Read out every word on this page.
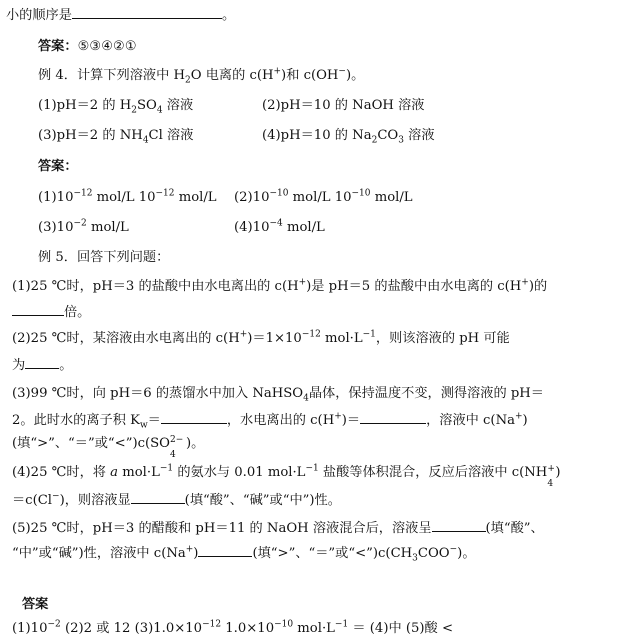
小的顺序是	。
答案：⑤③④②①
例 4．计算下列溶液中 $H_2O$ 电离的 c(H+)和 c(OH−)。
(1)pH＝2 的 $H_2SO_4$ 溶液	(2)pH＝10 的 NaOH 溶液
(3)pH＝2 的 $NH_4Cl$ 溶液	(4)pH＝10 的 $Na_2CO_3$ 溶液
答案：
$(1)10^{-12}$ mol/L $10^{-12}$ mol/L $(2)10^{-10}$ mol/L $10^{-10}$ mol/L
$(3)10^{-2}$ mol/L	$(4)10^{-4}$ mol/L
例 5．回答下列问题：
(1)25 ℃时，pH＝3 的盐酸中由水电离出的 c(H+)是 pH＝5 的盐酸中由水电离的 c(H+)的
倍。
(2)25 ℃时，某溶液由水电离出的 $c(H^+)=1\times 10^{-12}$ $mol\cdot L^{-1}$，则该溶液的 pH 可能
为	。
(3)99 ℃时，向 pH＝6 的蒸馏水中加入 NaHSO$_4$晶体，保持温度不变，测得溶液的 pH＝
2。此时水的离子积 $K_w=$	，水电离出的 c(H+)＝	，溶液中 c(Na+)
(填“>”、“＝”或“<”)c(SO 2−
4
)。
(4)25 ℃时，将 a $mol\cdot L^{-1}$ 的氨水与 0.01 $mol\cdot L^{-1}$ 盐酸等体积混合，反应后溶液中 c(NH +
4
)
＝c(Cl−)，则溶液显	(填“酸”、“碱”或“中”)性。
(5)25 ℃时，pH＝3 的醋酸和 pH＝11 的 NaOH 溶液混合后，溶液呈	(填“酸”、
“中”或“碱”)性，溶液中 c(Na+)	(填“>”、“＝”或“$<”)c(CH_3COO^-)$。
答案
$(1)10^{-2}$ (2)2 或 12 $(3)1.0\times 10^{-12}$ $1.0\times 10^{-10}$ $mol\cdot L^{-1} = (4)$中 (5)酸 <
